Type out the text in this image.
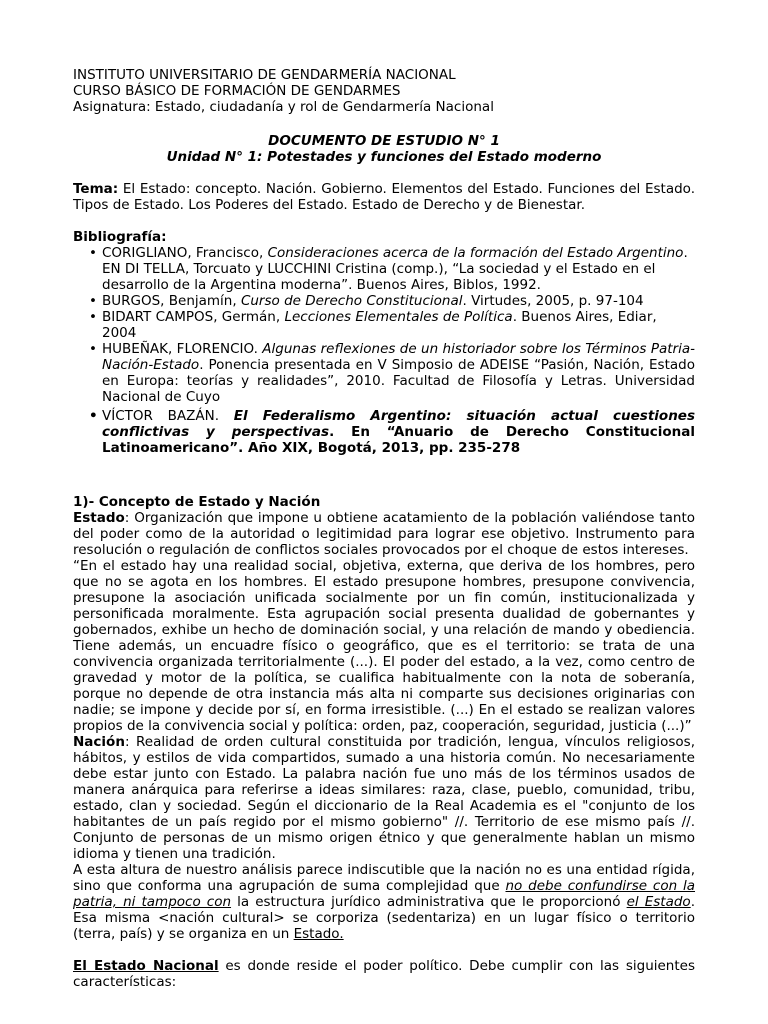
INSTITUTO UNIVERSITARIO DE GENDARMERÍA NACIONAL
CURSO BÁSICO DE FORMACIÓN DE GENDARMES
Asignatura: Estado, ciudadanía y rol de Gendarmería Nacional
DOCUMENTO DE ESTUDIO N° 1
Unidad N° 1: Potestades y funciones del Estado moderno
Tema: El Estado: concepto. Nación. Gobierno. Elementos del Estado. Funciones del Estado. Tipos de Estado. Los Poderes del Estado. Estado de Derecho y de Bienestar.
Bibliografía:
• CORIGLIANO, Francisco, Consideraciones acerca de la formación del Estado Argentino. EN DI TELLA, Torcuato y LUCCHINI Cristina (comp.), “La sociedad y el Estado en el desarrollo de la Argentina moderna”. Buenos Aires, Biblos, 1992.
• BURGOS, Benjamín, Curso de Derecho Constitucional. Virtudes, 2005, p. 97-104
• BIDART CAMPOS, Germán, Lecciones Elementales de Política. Buenos Aires, Ediar, 2004
• HUBEÑAK, FLORENCIO. Algunas reflexiones de un historiador sobre los Términos Patria-Nación-Estado. Ponencia presentada en V Simposio de ADEISE “Pasión, Nación, Estado en Europa: teorías y realidades”, 2010. Facultad de Filosofía y Letras. Universidad Nacional de Cuyo
• VÍCTOR BAZÁN. El Federalismo Argentino: situación actual cuestiones conflictivas y perspectivas. En “Anuario de Derecho Constitucional Latinoamericano”. Año XIX, Bogotá, 2013, pp. 235-278
1)- Concepto de Estado y Nación
Estado: Organización que impone u obtiene acatamiento de la población valiéndose tanto del poder como de la autoridad o legitimidad para lograr ese objetivo. Instrumento para resolución o regulación de conflictos sociales provocados por el choque de estos intereses.
“En el estado hay una realidad social, objetiva, externa, que deriva de los hombres, pero que no se agota en los hombres. El estado presupone hombres, presupone convivencia, presupone la asociación unificada socialmente por un fin común, institucionalizada y personificada moralmente. Esta agrupación social presenta dualidad de gobernantes y gobernados, exhibe un hecho de dominación social, y una relación de mando y obediencia. Tiene además, un encuadre físico o geográfico, que es el territorio: se trata de una convivencia organizada territorialmente (...). El poder del estado, a la vez, como centro de gravedad y motor de la política, se cualifica habitualmente con la nota de soberanía, porque no depende de otra instancia más alta ni comparte sus decisiones originarias con nadie; se impone y decide por sí, en forma irresistible. (...) En el estado se realizan valores propios de la convivencia social y política: orden, paz, cooperación, seguridad, justicia (...)”
Nación: Realidad de orden cultural constituida por tradición, lengua, vínculos religiosos, hábitos, y estilos de vida compartidos, sumado a una historia común. No necesariamente debe estar junto con Estado. La palabra nación fue uno más de los términos usados de manera anárquica para referirse a ideas similares: raza, clase, pueblo, comunidad, tribu, estado, clan y sociedad. Según el diccionario de la Real Academia es el "conjunto de los habitantes de un país regido por el mismo gobierno" //. Territorio de ese mismo país //. Conjunto de personas de un mismo origen étnico y que generalmente hablan un mismo idioma y tienen una tradición.
A esta altura de nuestro análisis parece indiscutible que la nación no es una entidad rígida, sino que conforma una agrupación de suma complejidad que no debe confundirse con la patria, ni tampoco con la estructura jurídico administrativa que le proporcionó el Estado. Esa misma <nación cultural> se corporiza (sedentariza) en un lugar físico o territorio (terra, país) y se organiza en un Estado.
El Estado Nacional es donde reside el poder político. Debe cumplir con las siguientes características:
